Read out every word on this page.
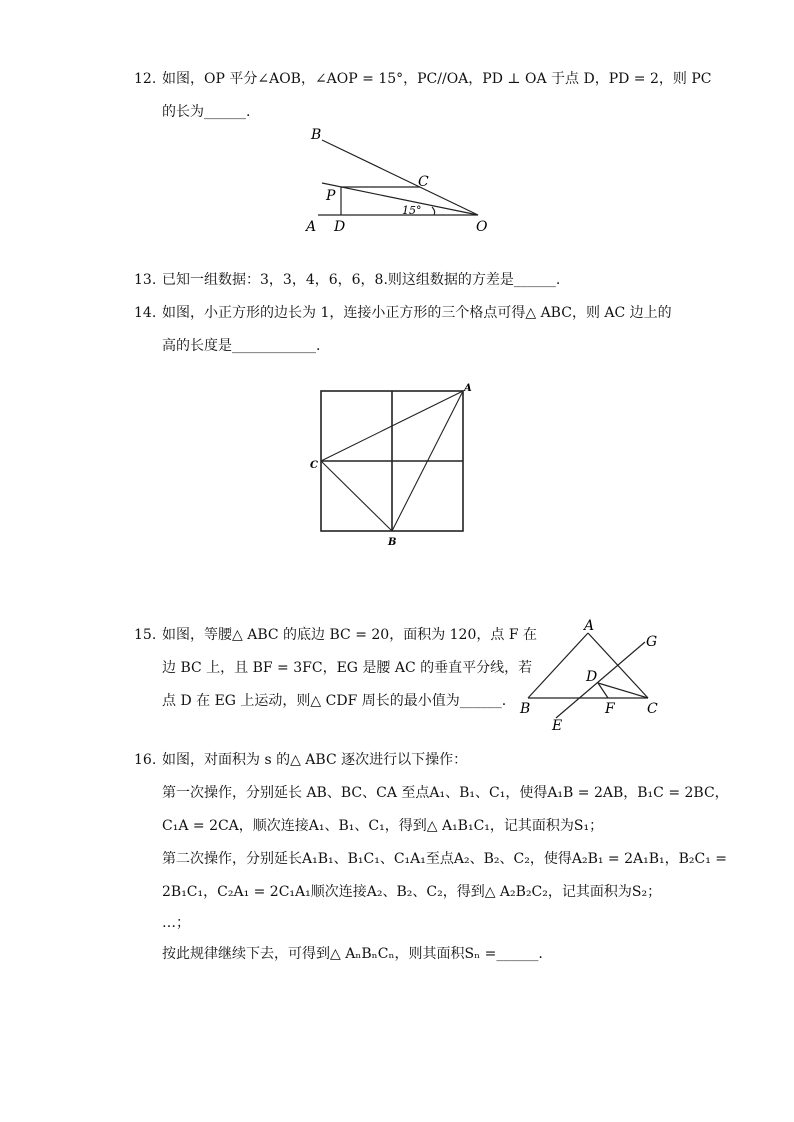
12. 如图，OP 平分∠AOB，∠AOP = 15°，PC//OA，PD ⊥ OA 于点 D，PD = 2，则 PC
的长为______.
B
C
P
15°
A D	O
13. 已知一组数据：3，3，4，6，6，8.则这组数据的方差是______.
14. 如图，小正方形的边长为 1，连接小正方形的三个格点可得△ ABC，则 AC 边上的
高的长度是____________.
A
C
B
15. 如图，等腰△ ABC 的底边 BC = 20，面积为 120，点 F 在
边 BC 上，且 BF = 3FC，EG 是腰 AC 的垂直平分线，若
点 D 在 EG 上运动，则△ CDF 周长的最小值为______.
A
G
D
B	F C
E
16. 如图，对面积为 s 的△ ABC 逐次进行以下操作：
第一次操作，分别延长 AB、BC、CA 至点A₁、B₁、C₁，使得A₁B = 2AB，B₁C = 2BC，
C₁A = 2CA，顺次连接A₁、B₁、C₁，得到△ A₁B₁C₁，记其面积为S₁；
第二次操作，分别延长A₁B₁、B₁C₁、C₁A₁至点A₂、B₂、C₂，使得A₂B₁ = 2A₁B₁，B₂C₁ =
2B₁C₁，C₂A₁ = 2C₁A₁顺次连接A₂、B₂、C₂，得到△ A₂B₂C₂，记其面积为S₂；
…；
按此规律继续下去，可得到△ AₙBₙCₙ，则其面积Sₙ =______.
